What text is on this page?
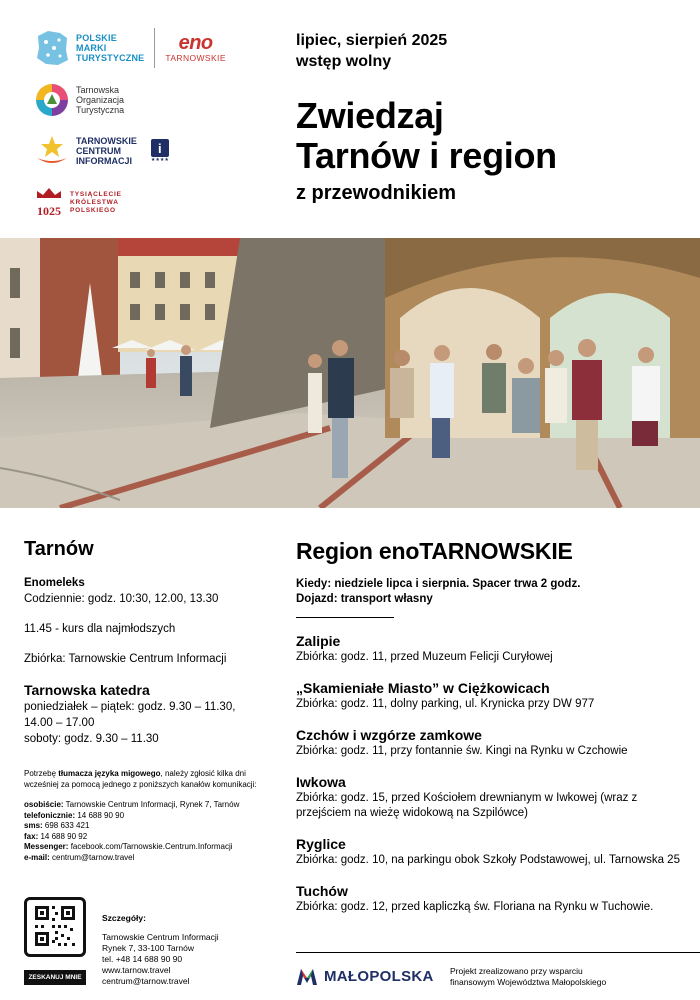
POLSKIE
MARKI
TURYSTYCZNE
eno
TARNOWSKIE
Tarnowska
Organizacja
Turystyczna
TARNOWSKIE
CENTRUM
INFORMACJI
i
★★★★
1025
TYSIĄCLECIE
KRÓLESTWA
POLSKIEGO
lipiec, sierpień 2025
wstęp wolny
Zwiedzaj
Tarnów i region
z przewodnikiem
Tarnów
Enomeleks
Codziennie: godz. 10:30, 12.00, 13.30
11.45 - kurs dla najmłodszych
Zbiórka: Tarnowskie Centrum Informacji
Tarnowska katedra
poniedziałek – piątek: godz. 9.30 – 11.30,
14.00 – 17.00
soboty: godz. 9.30 – 11.30
Potrzebę tłumacza języka migowego, należy zgłosić kilka dni wcześniej za pomocą jednego z poniższych kanałów komunikacji:
osobiście: Tarnowskie Centrum Informacji, Rynek 7, Tarnów
telefonicznie: 14 688 90 90
sms: 698 633 421
fax: 14 688 90 92
Messenger: facebook.com/Tarnowskie.Centrum.Informacji
e-mail: centrum@tarnow.travel
ZESKANUJ MNIE
Szczegóły:
Tarnowskie Centrum Informacji
Rynek 7, 33-100 Tarnów
tel. +48 14 688 90 90
www.tarnow.travel
centrum@tarnow.travel
Region enoTARNOWSKIE
Kiedy: niedziele lipca i sierpnia. Spacer trwa 2 godz.
Dojazd: transport własny
Zalipie
Zbiórka: godz. 11, przed Muzeum Felicji Curyłowej
„Skamieniałe Miasto” w Ciężkowicach
Zbiórka: godz. 11, dolny parking, ul. Krynicka przy DW 977
Czchów i wzgórze zamkowe
Zbiórka: godz. 11, przy fontannie św. Kingi na Rynku w Czchowie
Iwkowa
Zbiórka: godz. 15, przed Kościołem drewnianym w Iwkowej (wraz z przejściem na wieżę widokową na Szpilówce)
Ryglice
Zbiórka: godz. 10, na parkingu obok Szkoły Podstawowej, ul. Tarnowska 25
Tuchów
Zbiórka: godz. 12, przed kapliczką św. Floriana na Rynku w Tuchowie.
MAŁOPOLSKA Projekt zrealizowano przy wsparciu
finansowym Województwa Małopolskiego
